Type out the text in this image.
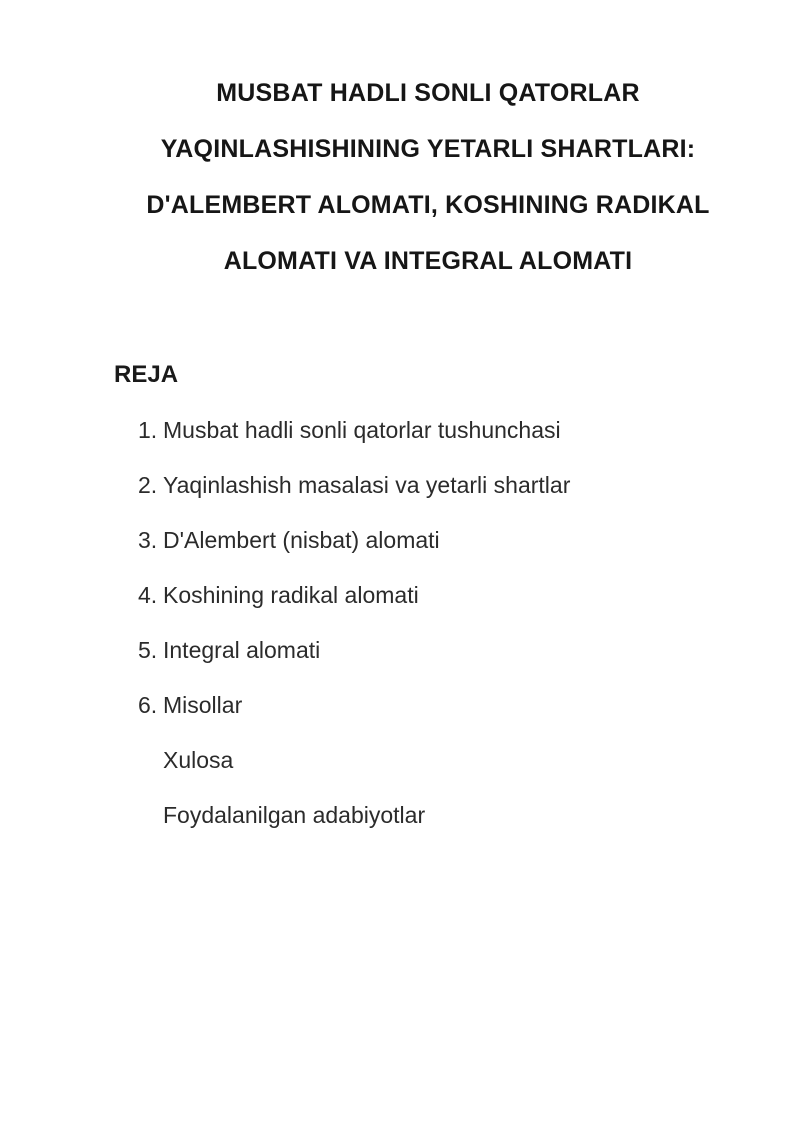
MUSBAT HADLI SONLI QATORLAR
YAQINLASHISHINING YETARLI SHARTLARI:
D'ALEMBERT ALOMATI, KOSHINING RADIKAL
ALOMATI VA INTEGRAL ALOMATI
REJA
1. Musbat hadli sonli qatorlar tushunchasi
2. Yaqinlashish masalasi va yetarli shartlar
3. D'Alembert (nisbat) alomati
4. Koshining radikal alomati
5. Integral alomati
6. Misollar
Xulosa
Foydalanilgan adabiyotlar
